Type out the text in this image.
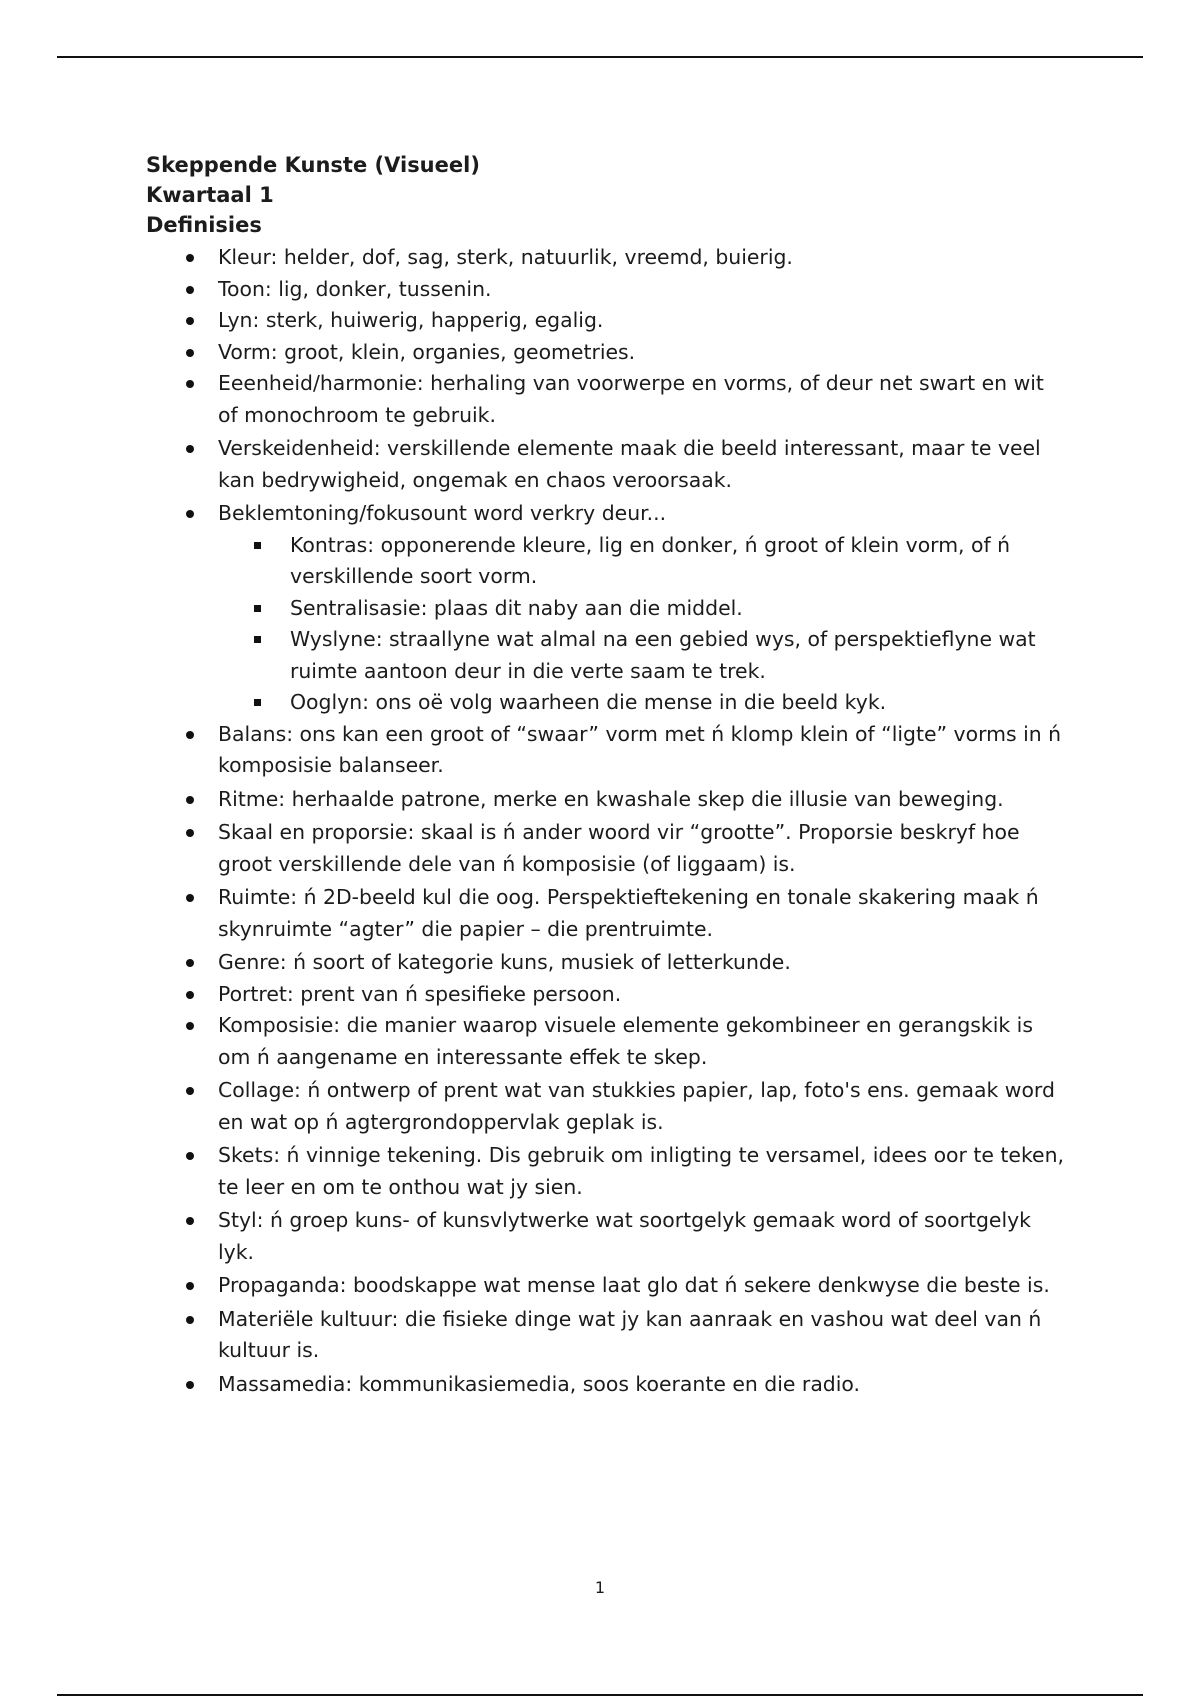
Skeppende Kunste (Visueel)

Kwartaal 1

Definisies

Kleur: helder, dof, sag, sterk, natuurlik, vreemd, buierig.
Toon: lig, donker, tussenin.
Lyn: sterk, huiwerig, happerig, egalig.
Vorm: groot, klein, organies, geometries.
Eeenheid/harmonie: herhaling van voorwerpe en vorms, of deur net swart en wit of monochroom te gebruik.
Verskeidenheid: verskillende elemente maak die beeld interessant, maar te veel kan bedrywigheid, ongemak en chaos veroorsaak.
Beklemtoning/fokusount word verkry deur...
Kontras: opponerende kleure, lig en donker, ń groot of klein vorm, of ń verskillende soort vorm.
Sentralisasie: plaas dit naby aan die middel.
Wyslyne: straallyne wat almal na een gebied wys, of perspektieflyne wat ruimte aantoon deur in die verte saam te trek.
Ooglyn: ons oë volg waarheen die mense in die beeld kyk.
Balans: ons kan een groot of “swaar” vorm met ń klomp klein of “ligte” vorms in ń komposisie balanseer.
Ritme: herhaalde patrone, merke en kwashale skep die illusie van beweging.
Skaal en proporsie: skaal is ń ander woord vir “grootte”. Proporsie beskryf hoe groot verskillende dele van ń komposisie (of liggaam) is.
Ruimte: ń 2D-beeld kul die oog. Perspektieftekening en tonale skakering maak ń skynruimte “agter” die papier – die prentruimte.
Genre: ń soort of kategorie kuns, musiek of letterkunde.
Portret: prent van ń spesifieke persoon.
Komposisie: die manier waarop visuele elemente gekombineer en gerangskik is om ń aangename en interessante effek te skep.
Collage: ń ontwerp of prent wat van stukkies papier, lap, foto's ens. gemaak word en wat op ń agtergrondoppervlak geplak is.
Skets: ń vinnige tekening. Dis gebruik om inligting te versamel, idees oor te teken, te leer en om te onthou wat jy sien.
Styl: ń groep kuns- of kunsvlytwerke wat soortgelyk gemaak word of soortgelyk lyk.
Propaganda: boodskappe wat mense laat glo dat ń sekere denkwyse die beste is.
Materiële kultuur: die fisieke dinge wat jy kan aanraak en vashou wat deel van ń kultuur is.
Massamedia: kommunikasiemedia, soos koerante en die radio.
1
